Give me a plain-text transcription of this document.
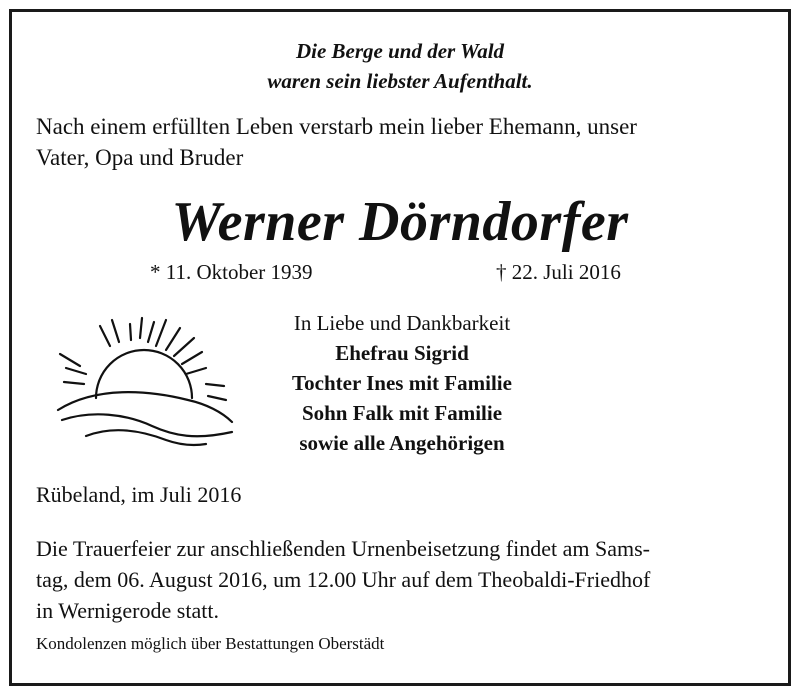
Die Berge und der Wald
waren sein liebster Aufenthalt.
Nach einem erfüllten Leben verstarb mein lieber Ehemann, unser
Vater, Opa und Bruder
Werner Dörndorfer
* 11. Oktober 1939	† 22. Juli 2016
In Liebe und Dankbarkeit
Ehefrau Sigrid
Tochter Ines mit Familie
Sohn Falk mit Familie
sowie alle Angehörigen
Rübeland, im Juli 2016
Die Trauerfeier zur anschließenden Urnenbeisetzung findet am Sams-
tag, dem 06. August 2016, um 12.00 Uhr auf dem Theobaldi-Friedhof
in Wernigerode statt.
Kondolenzen möglich über Bestattungen Oberstädt
